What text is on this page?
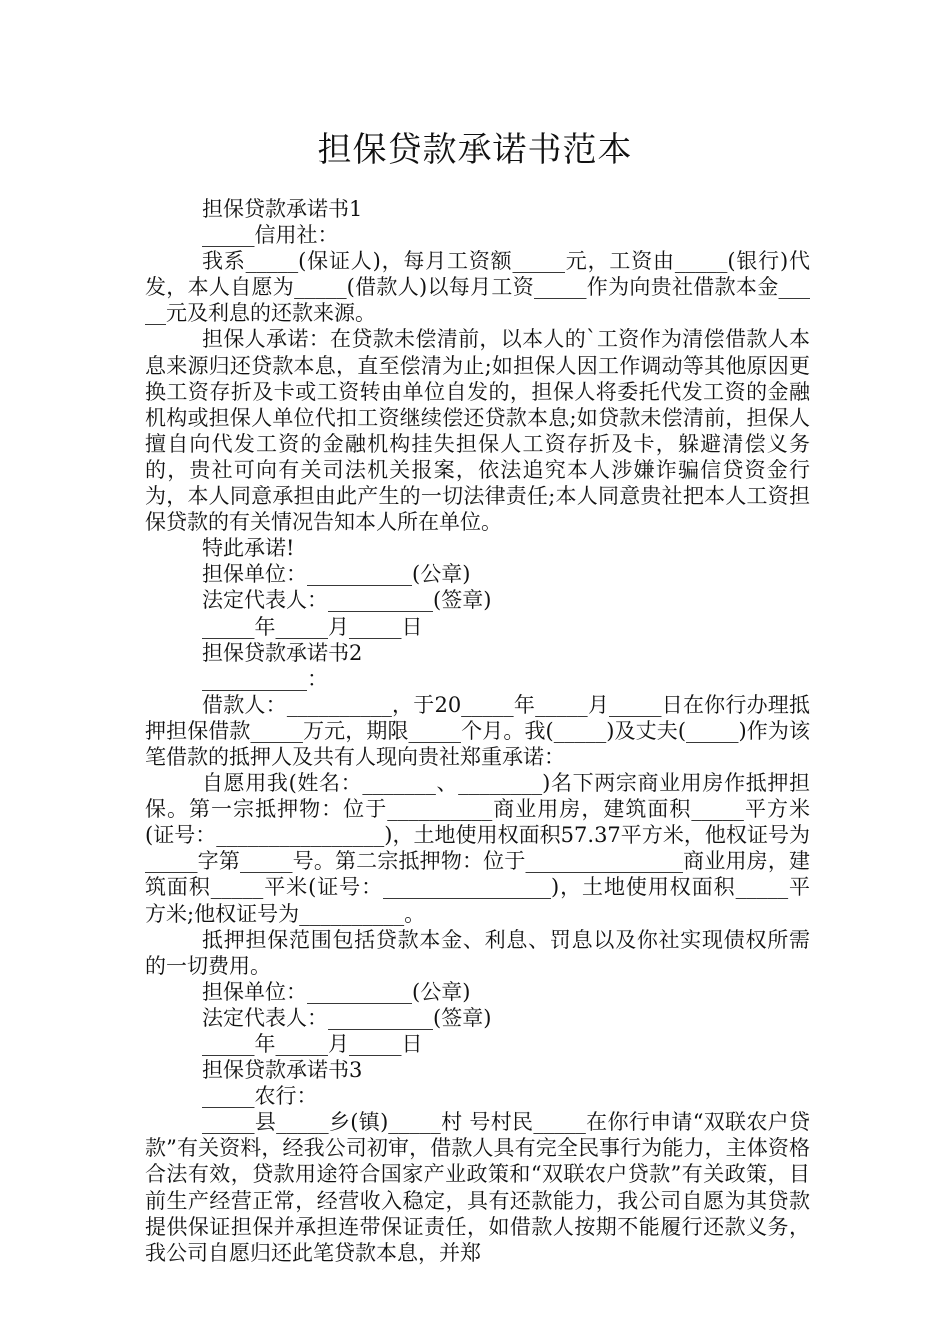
担保贷款承诺书范本

担保贷款承诺书1

_____信用社：

我系_____(保证人)，每月工资额_____元，工资由_____(银行)代发，本人自愿为_____(借款人)以每月工资_____作为向贵社借款本金_____元及利息的还款来源。

担保人承诺：在贷款未偿清前，以本人的`工资作为清偿借款人本息来源归还贷款本息，直至偿清为止;如担保人因工作调动等其他原因更换工资存折及卡或工资转由单位自发的，担保人将委托代发工资的金融机构或担保人单位代扣工资继续偿还贷款本息;如贷款未偿清前，担保人擅自向代发工资的金融机构挂失担保人工资存折及卡，躲避清偿义务的，贵社可向有关司法机关报案，依法追究本人涉嫌诈骗信贷资金行为，本人同意承担由此产生的一切法律责任;本人同意贵社把本人工资担保贷款的有关情况告知本人所在单位。

特此承诺!

担保单位：__________(公章)

法定代表人：__________(签章)

_____年_____月_____日

担保贷款承诺书2

__________：

借款人：__________，于20_____年_____月_____日在你行办理抵押担保借款_____万元，期限_____个月。我(_____)及丈夫(_____)作为该笔借款的抵押人及共有人现向贵社郑重承诺：

自愿用我(姓名：_______、________)名下两宗商业用房作抵押担保。第一宗抵押物：位于__________商业用房，建筑面积_____平方米(证号：________________)，土地使用权面积57.37平方米，他权证号为_____字第_____号。第二宗抵押物：位于_______________商业用房，建筑面积_____平米(证号：________________)，土地使用权面积_____平方米;他权证号为__________。

抵押担保范围包括贷款本金、利息、罚息以及你社实现债权所需的一切费用。

担保单位：__________(公章)

法定代表人：__________(签章)

_____年_____月_____日

担保贷款承诺书3

_____农行：

_____县_____乡(镇)_____村 号村民_____在你行申请“双联农户贷款”有关资料，经我公司初审，借款人具有完全民事行为能力，主体资格合法有效，贷款用途符合国家产业政策和“双联农户贷款”有关政策，目前生产经营正常，经营收入稳定，具有还款能力，我公司自愿为其贷款提供保证担保并承担连带保证责任，如借款人按期不能履行还款义务，我公司自愿归还此笔贷款本息，并郑
